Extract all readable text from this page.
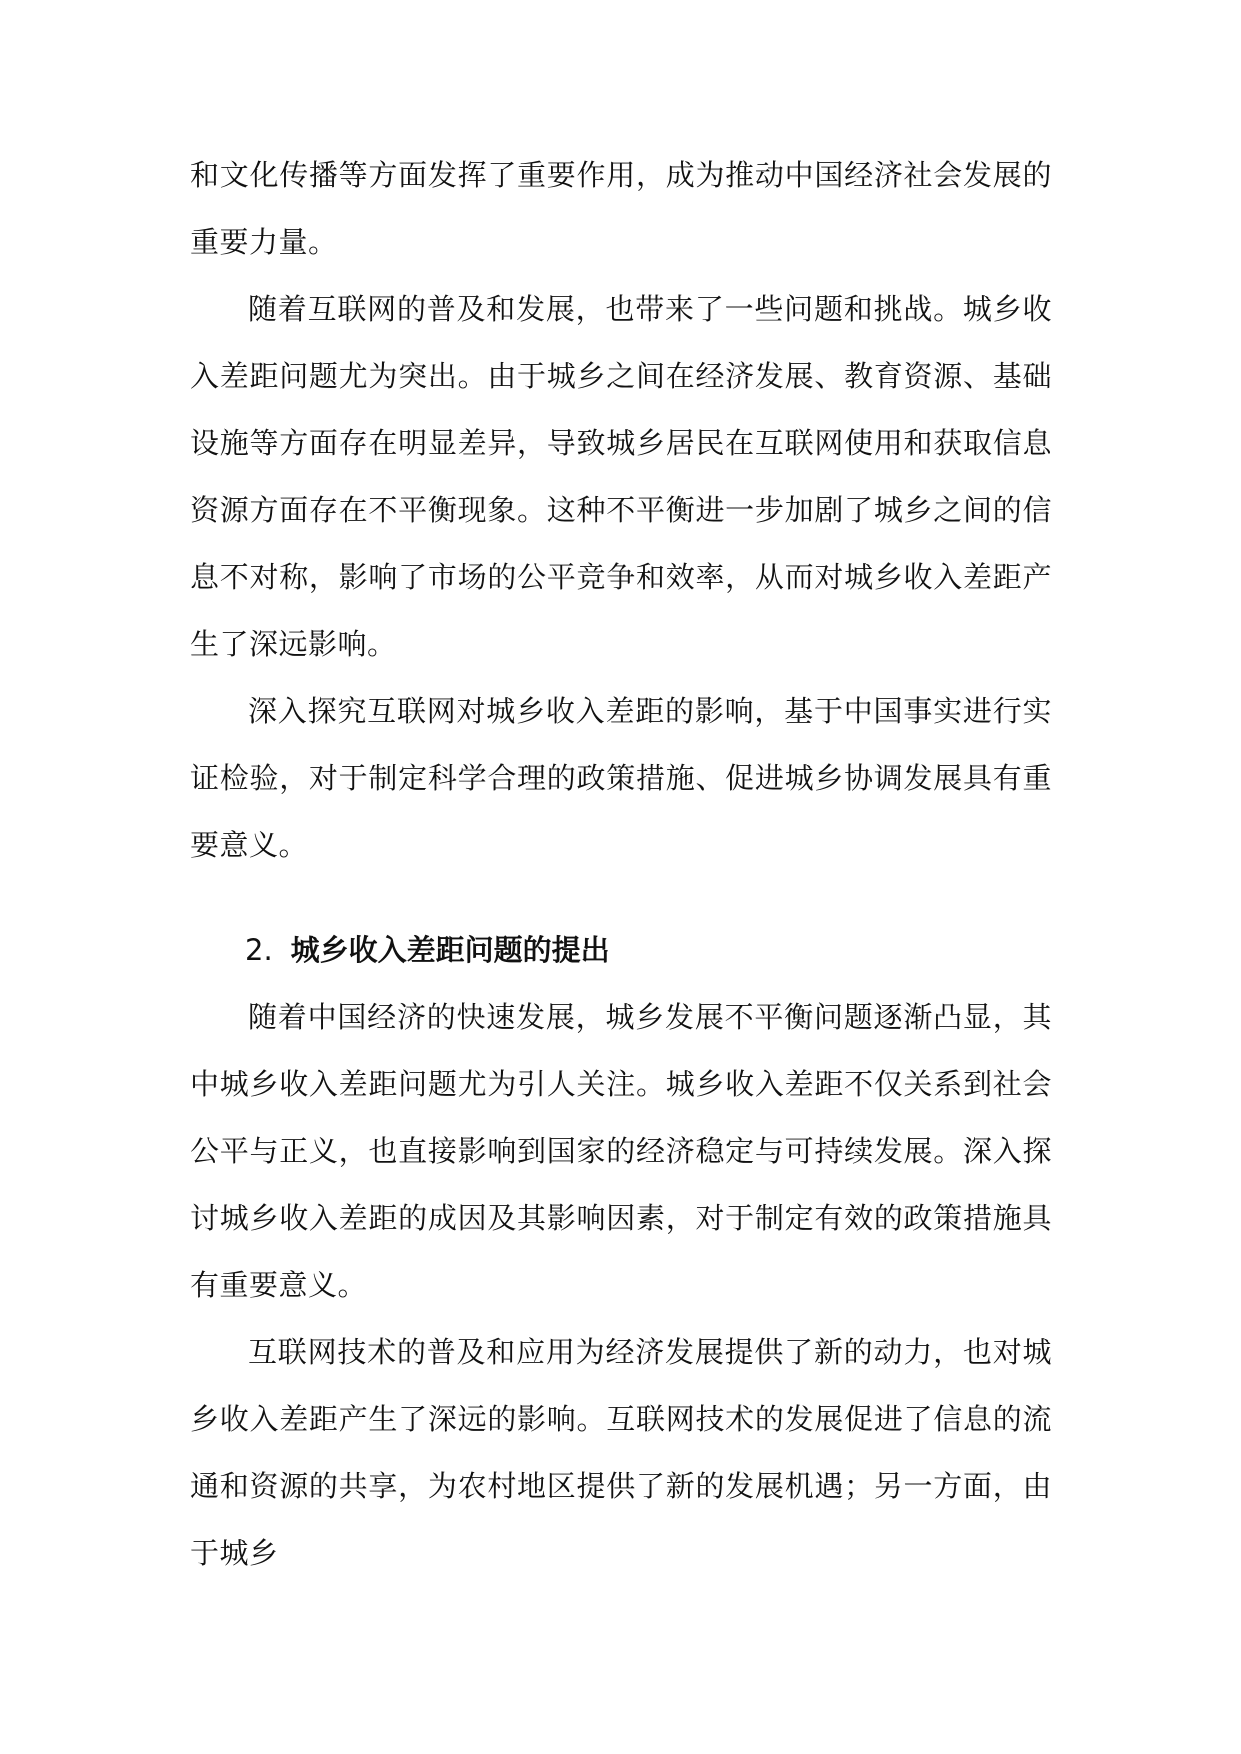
和文化传播等方面发挥了重要作用，成为推动中国经济社会发展的重要力量。

随着互联网的普及和发展，也带来了一些问题和挑战。城乡收入差距问题尤为突出。由于城乡之间在经济发展、教育资源、基础设施等方面存在明显差异，导致城乡居民在互联网使用和获取信息资源方面存在不平衡现象。这种不平衡进一步加剧了城乡之间的信息不对称，影响了市场的公平竞争和效率，从而对城乡收入差距产生了深远影响。

深入探究互联网对城乡收入差距的影响，基于中国事实进行实证检验，对于制定科学合理的政策措施、促进城乡协调发展具有重要意义。

2. 城乡收入差距问题的提出

随着中国经济的快速发展，城乡发展不平衡问题逐渐凸显，其中城乡收入差距问题尤为引人关注。城乡收入差距不仅关系到社会公平与正义，也直接影响到国家的经济稳定与可持续发展。深入探讨城乡收入差距的成因及其影响因素，对于制定有效的政策措施具有重要意义。

互联网技术的普及和应用为经济发展提供了新的动力，也对城乡收入差距产生了深远的影响。互联网技术的发展促进了信息的流通和资源的共享，为农村地区提供了新的发展机遇；另一方面，由于城乡
